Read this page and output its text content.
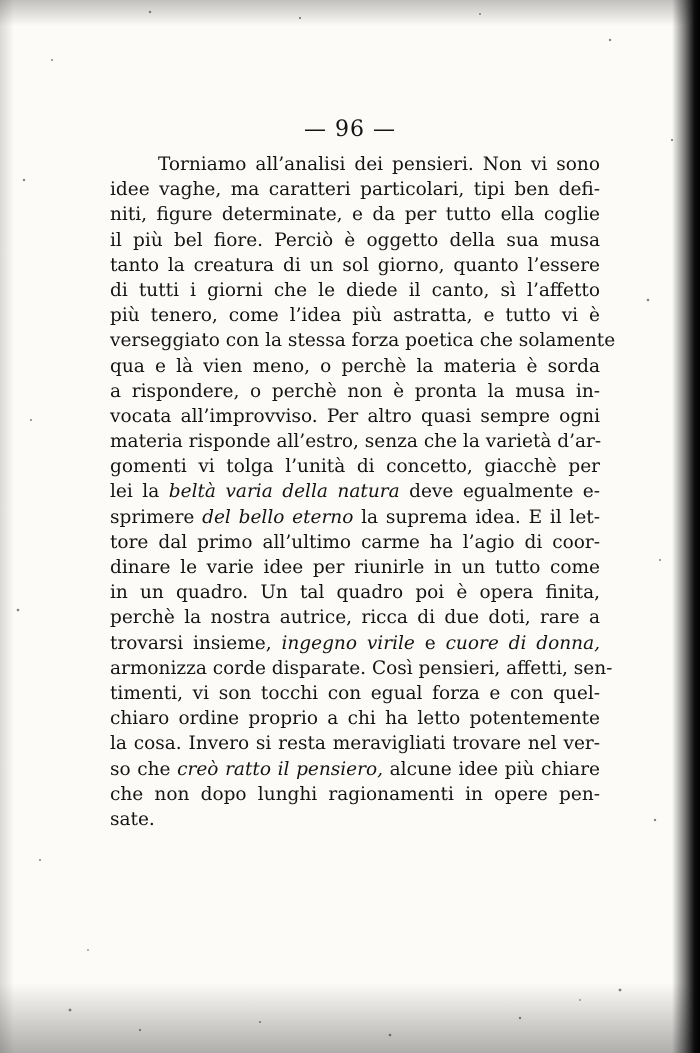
— 96 —
Torniamo all’analisi dei pensieri. Non vi sono
idee vaghe, ma caratteri particolari, tipi ben defi-
niti, figure determinate, e da per tutto ella coglie
il più bel fiore. Perciò è oggetto della sua musa
tanto la creatura di un sol giorno, quanto l’essere
di tutti i giorni che le diede il canto, sì l’affetto
più tenero, come l’idea più astratta, e tutto vi è
verseggiato con la stessa forza poetica che solamente
qua e là vien meno, o perchè la materia è sorda
a rispondere, o perchè non è pronta la musa in-
vocata all’improvviso. Per altro quasi sempre ogni
materia risponde all’estro, senza che la varietà d’ar-
gomenti vi tolga l’unità di concetto, giacchè per
lei la beltà varia della natura deve egualmente e-
sprimere del bello eterno la suprema idea. E il let-
tore dal primo all’ultimo carme ha l’agio di coor-
dinare le varie idee per riunirle in un tutto come
in un quadro. Un tal quadro poi è opera finita,
perchè la nostra autrice, ricca di due doti, rare a
trovarsi insieme, ingegno virile e cuore di donna,
armonizza corde disparate. Così pensieri, affetti, sen-
timenti, vi son tocchi con egual forza e con quel-
chiaro ordine proprio a chi ha letto potentemente
la cosa. Invero si resta meravigliati trovare nel ver-
so che creò ratto il pensiero, alcune idee più chiare
che non dopo lunghi ragionamenti in opere pen-
sate.
